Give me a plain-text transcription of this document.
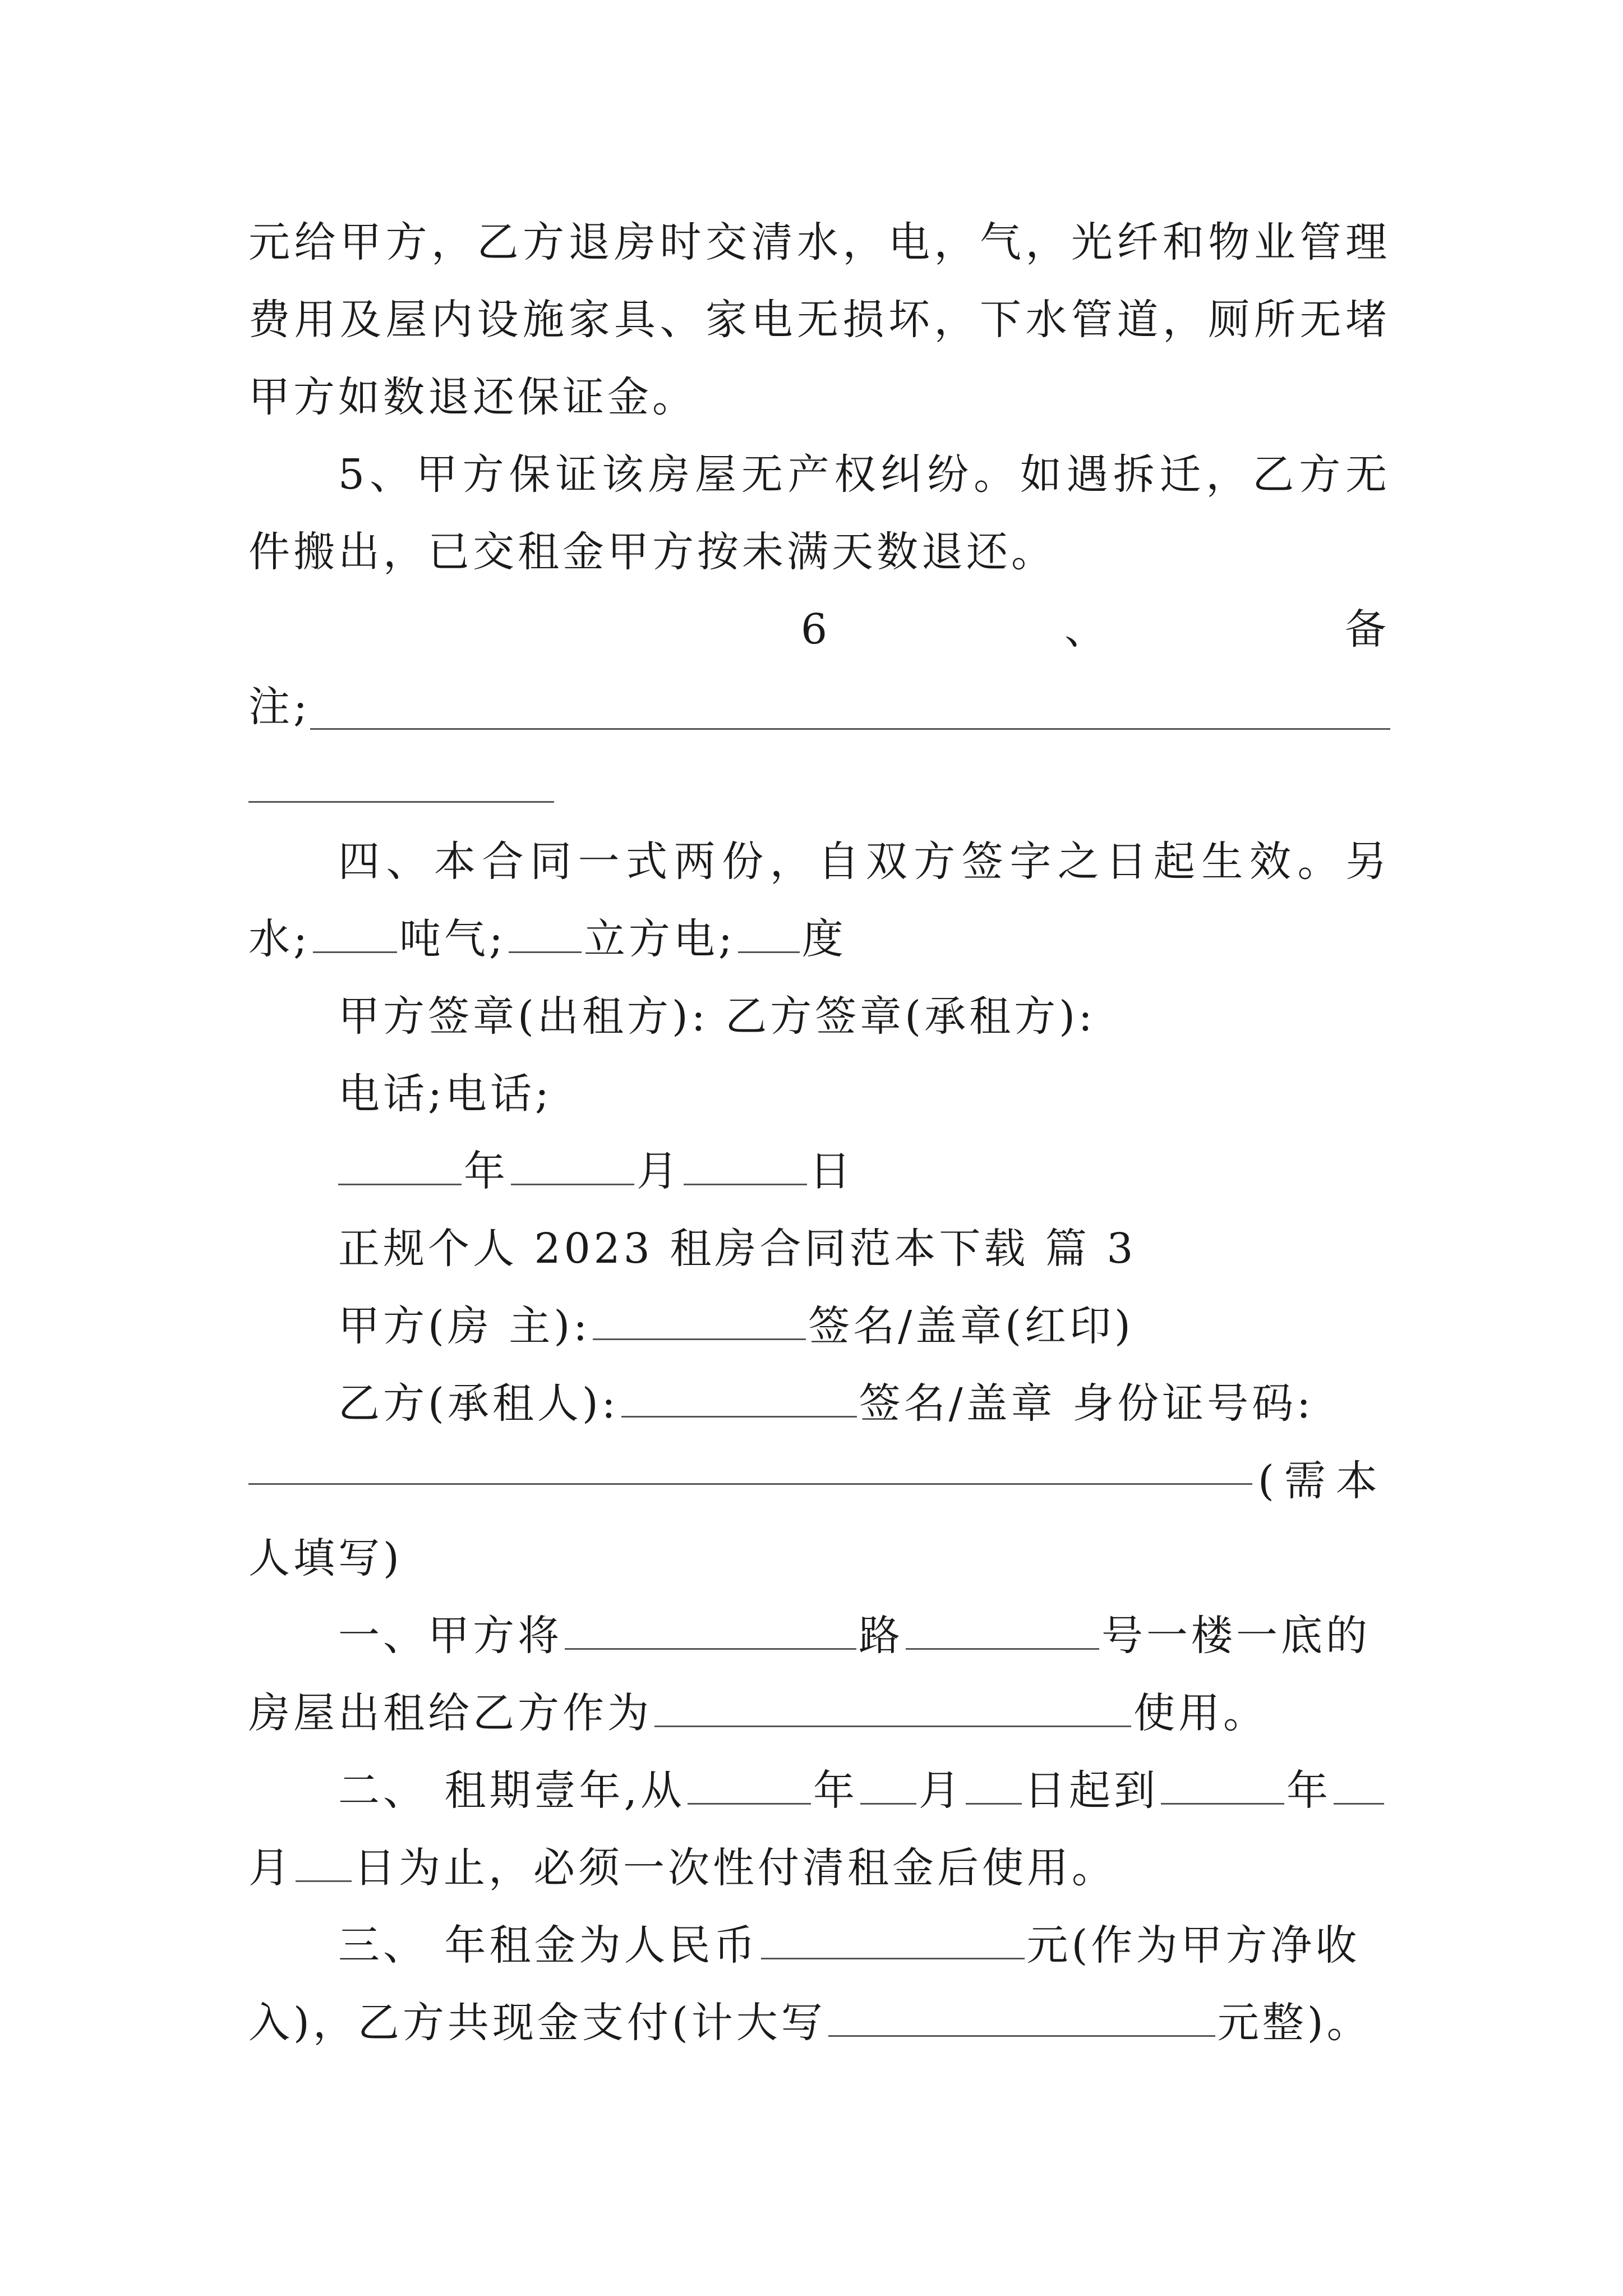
元给甲方，乙方退房时交清水，电，气，光纤和物业管理
费用及屋内设施家具、家电无损坏，下水管道，厕所无堵
甲方如数退还保证金。
5、甲方保证该房屋无产权纠纷。如遇拆迁，乙方无
件搬出，已交租金甲方按未满天数退还。
6	、	备
注;
四、本合同一式两份，自双方签字之日起生效。另
水; 吨气; 立方电; 度
甲方签章(出租方): 乙方签章(承租方):
电话;电话;
年	月	日
正规个人 2023 租房合同范本下载 篇 3
甲方(房 主):	签名/盖章(红印)
乙方(承租人):	签名/盖章 身份证号码:
(需本
人填写)
一、甲方将	路	号一楼一底的
房屋出租给乙方作为	使用。
二、 租期壹年,从	年 月 日起到	年
月 日为止，必须一次性付清租金后使用。
三、 年租金为人民币	元(作为甲方净收
入)，乙方共现金支付(计大写	元整)。
